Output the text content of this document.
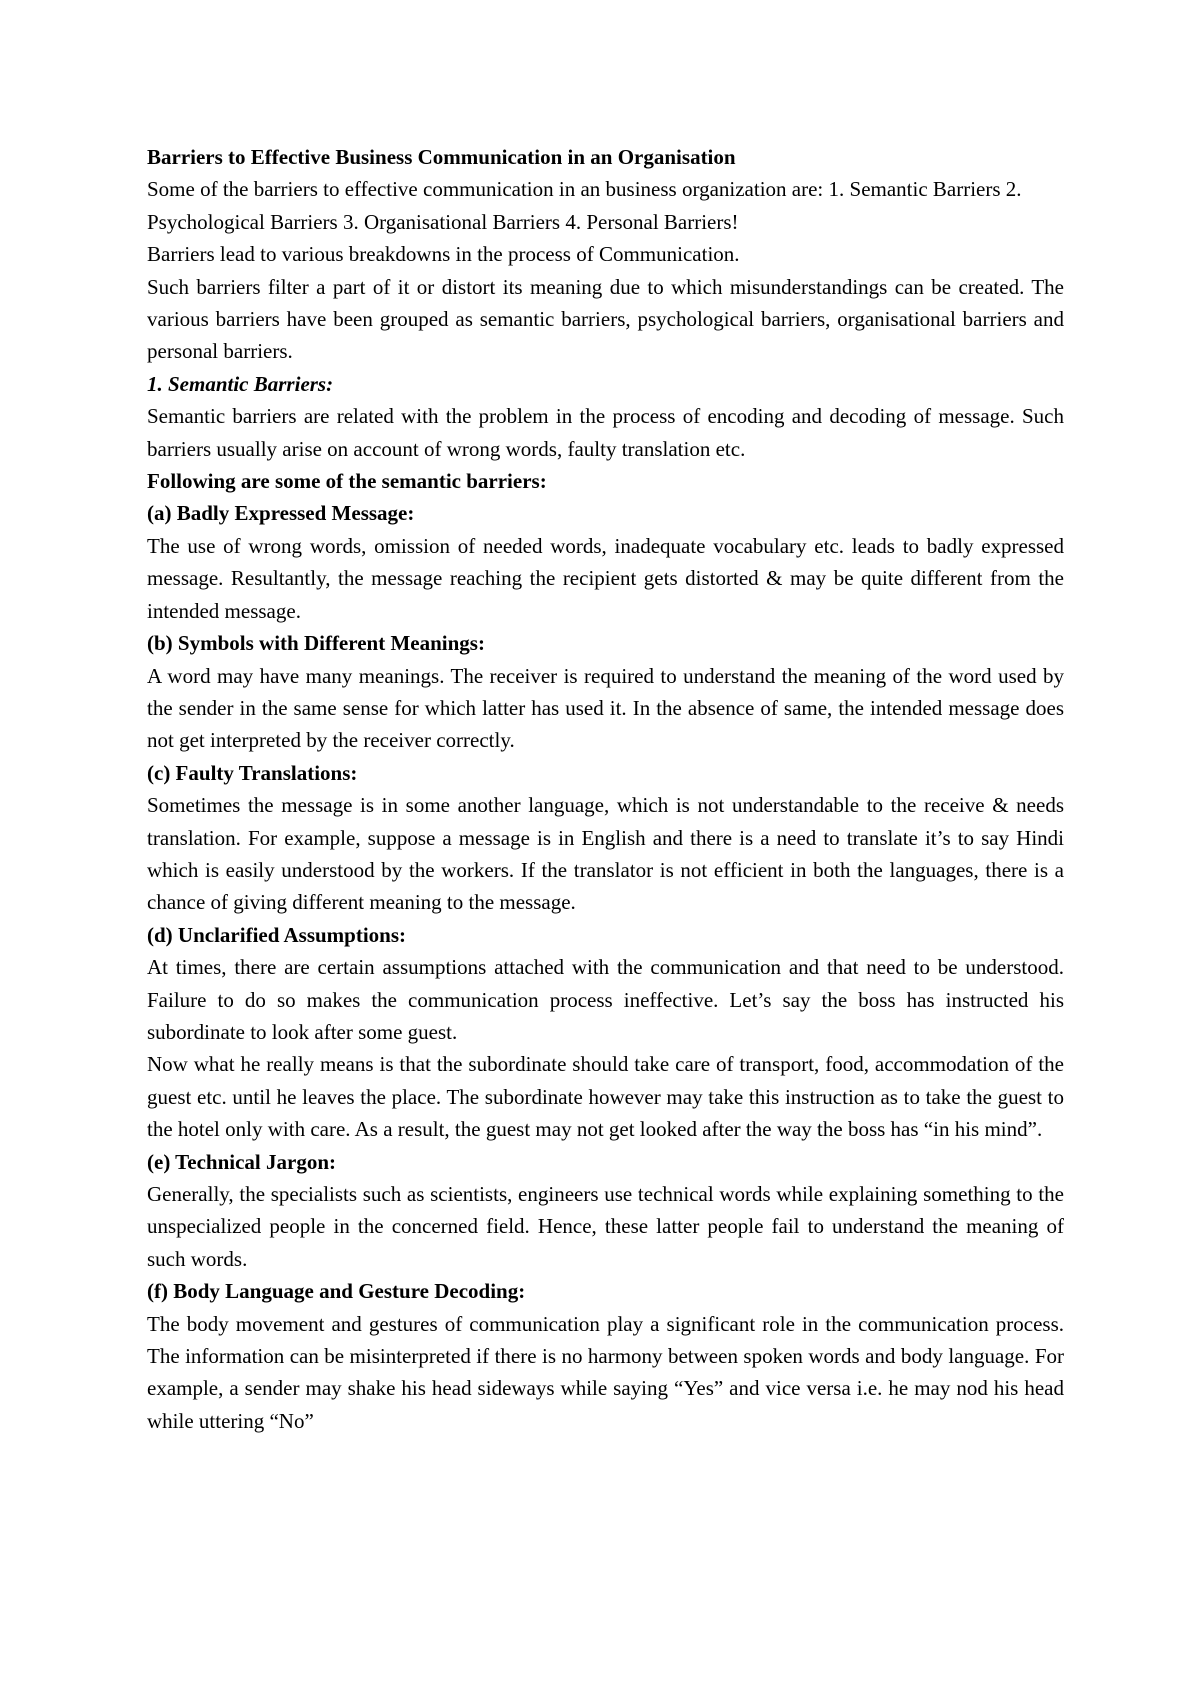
Barriers to Effective Business Communication in an Organisation

Some of the barriers to effective communication in an business organization are: 1. Semantic Barriers 2. Psychological Barriers 3. Organisational Barriers 4. Personal Barriers!

Barriers lead to various breakdowns in the process of Communication.

Such barriers filter a part of it or distort its meaning due to which misunderstandings can be created. The various barriers have been grouped as semantic barriers, psychological barriers, organisational barriers and personal barriers.

1. Semantic Barriers:

Semantic barriers are related with the problem in the process of encoding and decoding of message. Such barriers usually arise on account of wrong words, faulty translation etc.

Following are some of the semantic barriers:

(a) Badly Expressed Message:

The use of wrong words, omission of needed words, inadequate vocabulary etc. leads to badly expressed message. Resultantly, the message reaching the recipient gets distorted & may be quite different from the intended message.

(b) Symbols with Different Meanings:

A word may have many meanings. The receiver is required to understand the meaning of the word used by the sender in the same sense for which latter has used it. In the absence of same, the intended message does not get interpreted by the receiver correctly.

(c) Faulty Translations:

Sometimes the message is in some another language, which is not understandable to the receive & needs translation. For example, suppose a message is in English and there is a need to translate it’s to say Hindi which is easily understood by the workers. If the translator is not efficient in both the languages, there is a chance of giving different meaning to the message.

(d) Unclarified Assumptions:

At times, there are certain assumptions attached with the communication and that need to be understood. Failure to do so makes the communication process ineffective. Let’s say the boss has instructed his subordinate to look after some guest.

Now what he really means is that the subordinate should take care of transport, food, accommodation of the guest etc. until he leaves the place. The subordinate however may take this instruction as to take the guest to the hotel only with care. As a result, the guest may not get looked after the way the boss has “in his mind”.

(e) Technical Jargon:

Generally, the specialists such as scientists, engineers use technical words while explaining something to the unspecialized people in the concerned field. Hence, these latter people fail to understand the meaning of such words.

(f) Body Language and Gesture Decoding:

The body movement and gestures of communication play a significant role in the communication process. The information can be misinterpreted if there is no harmony between spoken words and body language. For example, a sender may shake his head sideways while saying “Yes” and vice versa i.e. he may nod his head while uttering “No”
